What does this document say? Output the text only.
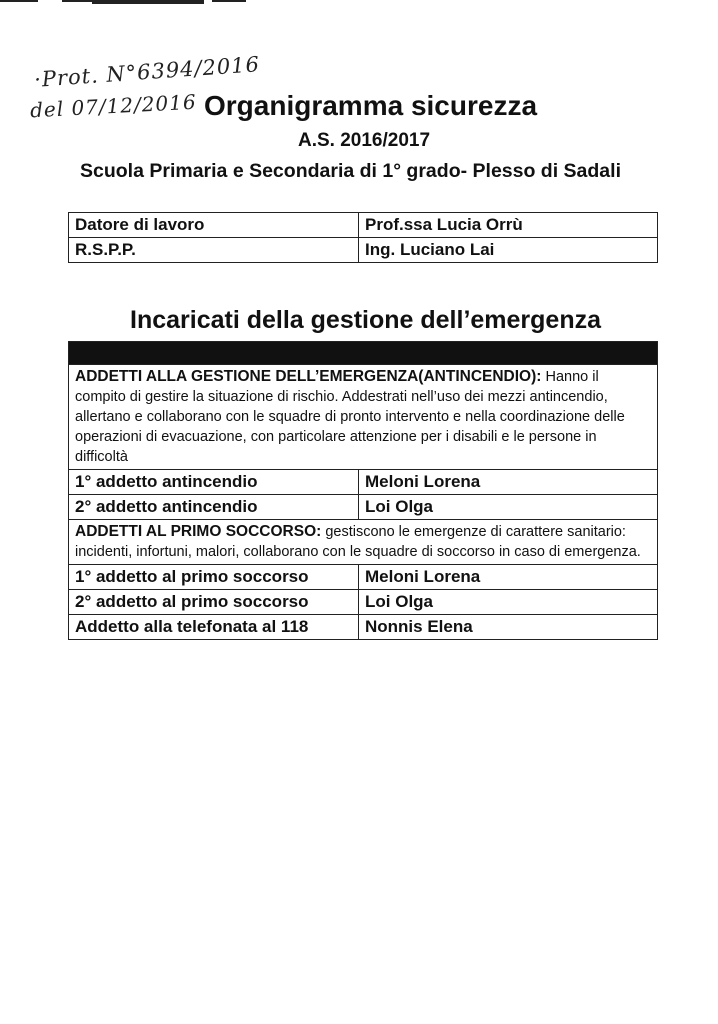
·Prot. N°6394/2016
del 07/12/2016 Organigramma sicurezza
A.S. 2016/2017
Scuola Primaria e Secondaria di 1° grado- Plesso di Sadali
Datore di lavoro	Prof.ssa Lucia Orrù
R.S.P.P.	Ing. Luciano Lai
Incaricati della gestione dell’emergenza

ADDETTI ALLA GESTIONE DELL’EMERGENZA(ANTINCENDIO): Hanno il compito di gestire la situazione di rischio. Addestrati nell’uso dei mezzi antincendio, allertano e collaborano con le squadre di pronto intervento e nella coordinazione delle operazioni di evacuazione, con particolare attenzione per i disabili e le persone in difficoltà	
1° addetto antincendio	Meloni Lorena
2° addetto antincendio	Loi Olga
ADDETTI AL PRIMO SOCCORSO: gestiscono le emergenze di carattere sanitario: incidenti, infortuni, malori, collaborano con le squadre di soccorso in caso di emergenza.	
1° addetto al primo soccorso	Meloni Lorena
2° addetto al primo soccorso	Loi Olga
Addetto alla telefonata al 118	Nonnis Elena
